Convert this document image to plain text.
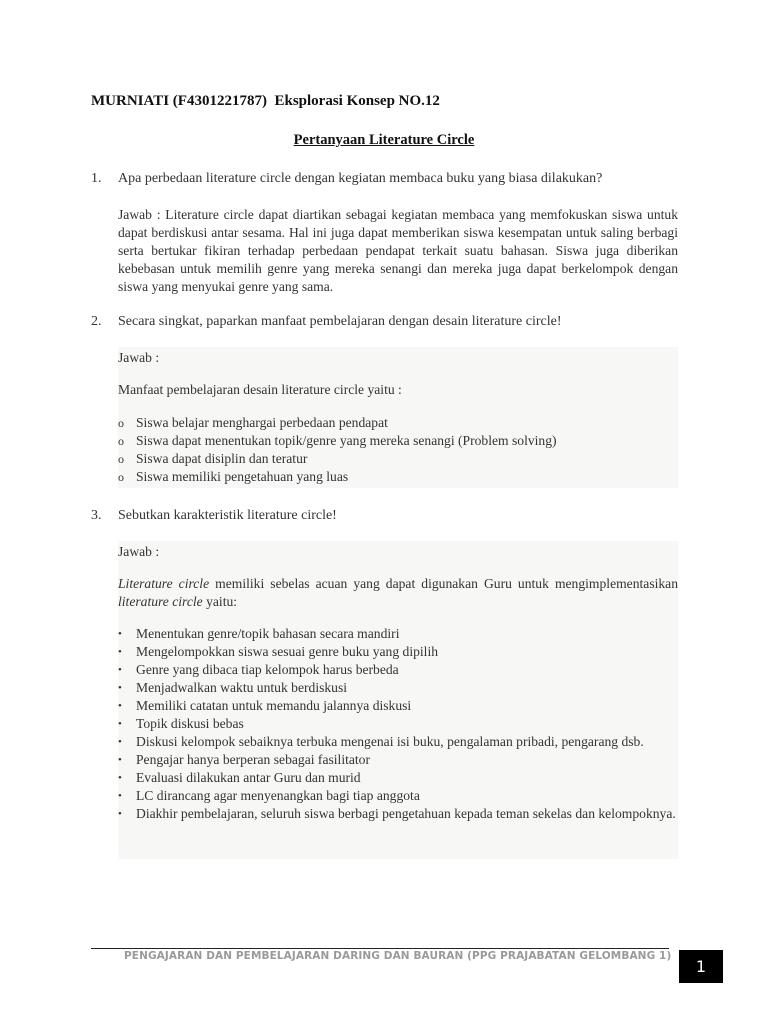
MURNIATI (F4301221787) Eksplorasi Konsep NO.12
Pertanyaan Literature Circle
1.	Apa perbedaan literature circle dengan kegiatan membaca buku yang biasa dilakukan?
Jawab : Literature circle dapat diartikan sebagai kegiatan membaca yang memfokuskan siswa untuk dapat berdiskusi antar sesama. Hal ini juga dapat memberikan siswa kesempatan untuk saling berbagi serta bertukar fikiran terhadap perbedaan pendapat terkait suatu bahasan. Siswa juga diberikan kebebasan untuk memilih genre yang mereka senangi dan mereka juga dapat berkelompok dengan siswa yang menyukai genre yang sama.
2.	Secara singkat, paparkan manfaat pembelajaran dengan desain literature circle!
Jawab :
Manfaat pembelajaran desain literature circle yaitu :
o Siswa belajar menghargai perbedaan pendapat
o Siswa dapat menentukan topik/genre yang mereka senangi (Problem solving)
o Siswa dapat disiplin dan teratur
o Siswa memiliki pengetahuan yang luas
3.	Sebutkan karakteristik literature circle!
Jawab :
Literature circle memiliki sebelas acuan yang dapat digunakan Guru untuk mengimplementasikan literature circle yaitu:
• Menentukan genre/topik bahasan secara mandiri
• Mengelompokkan siswa sesuai genre buku yang dipilih
• Genre yang dibaca tiap kelompok harus berbeda
• Menjadwalkan waktu untuk berdiskusi
• Memiliki catatan untuk memandu jalannya diskusi
• Topik diskusi bebas
• Diskusi kelompok sebaiknya terbuka mengenai isi buku, pengalaman pribadi, pengarang dsb.
• Pengajar hanya berperan sebagai fasilitator
• Evaluasi dilakukan antar Guru dan murid
• LC dirancang agar menyenangkan bagi tiap anggota
• Diakhir pembelajaran, seluruh siswa berbagi pengetahuan kepada teman sekelas dan kelompoknya.
PENGAJARAN DAN PEMBELAJARAN DARING DAN BAURAN (PPG PRAJABATAN GELOMBANG 1)
1
